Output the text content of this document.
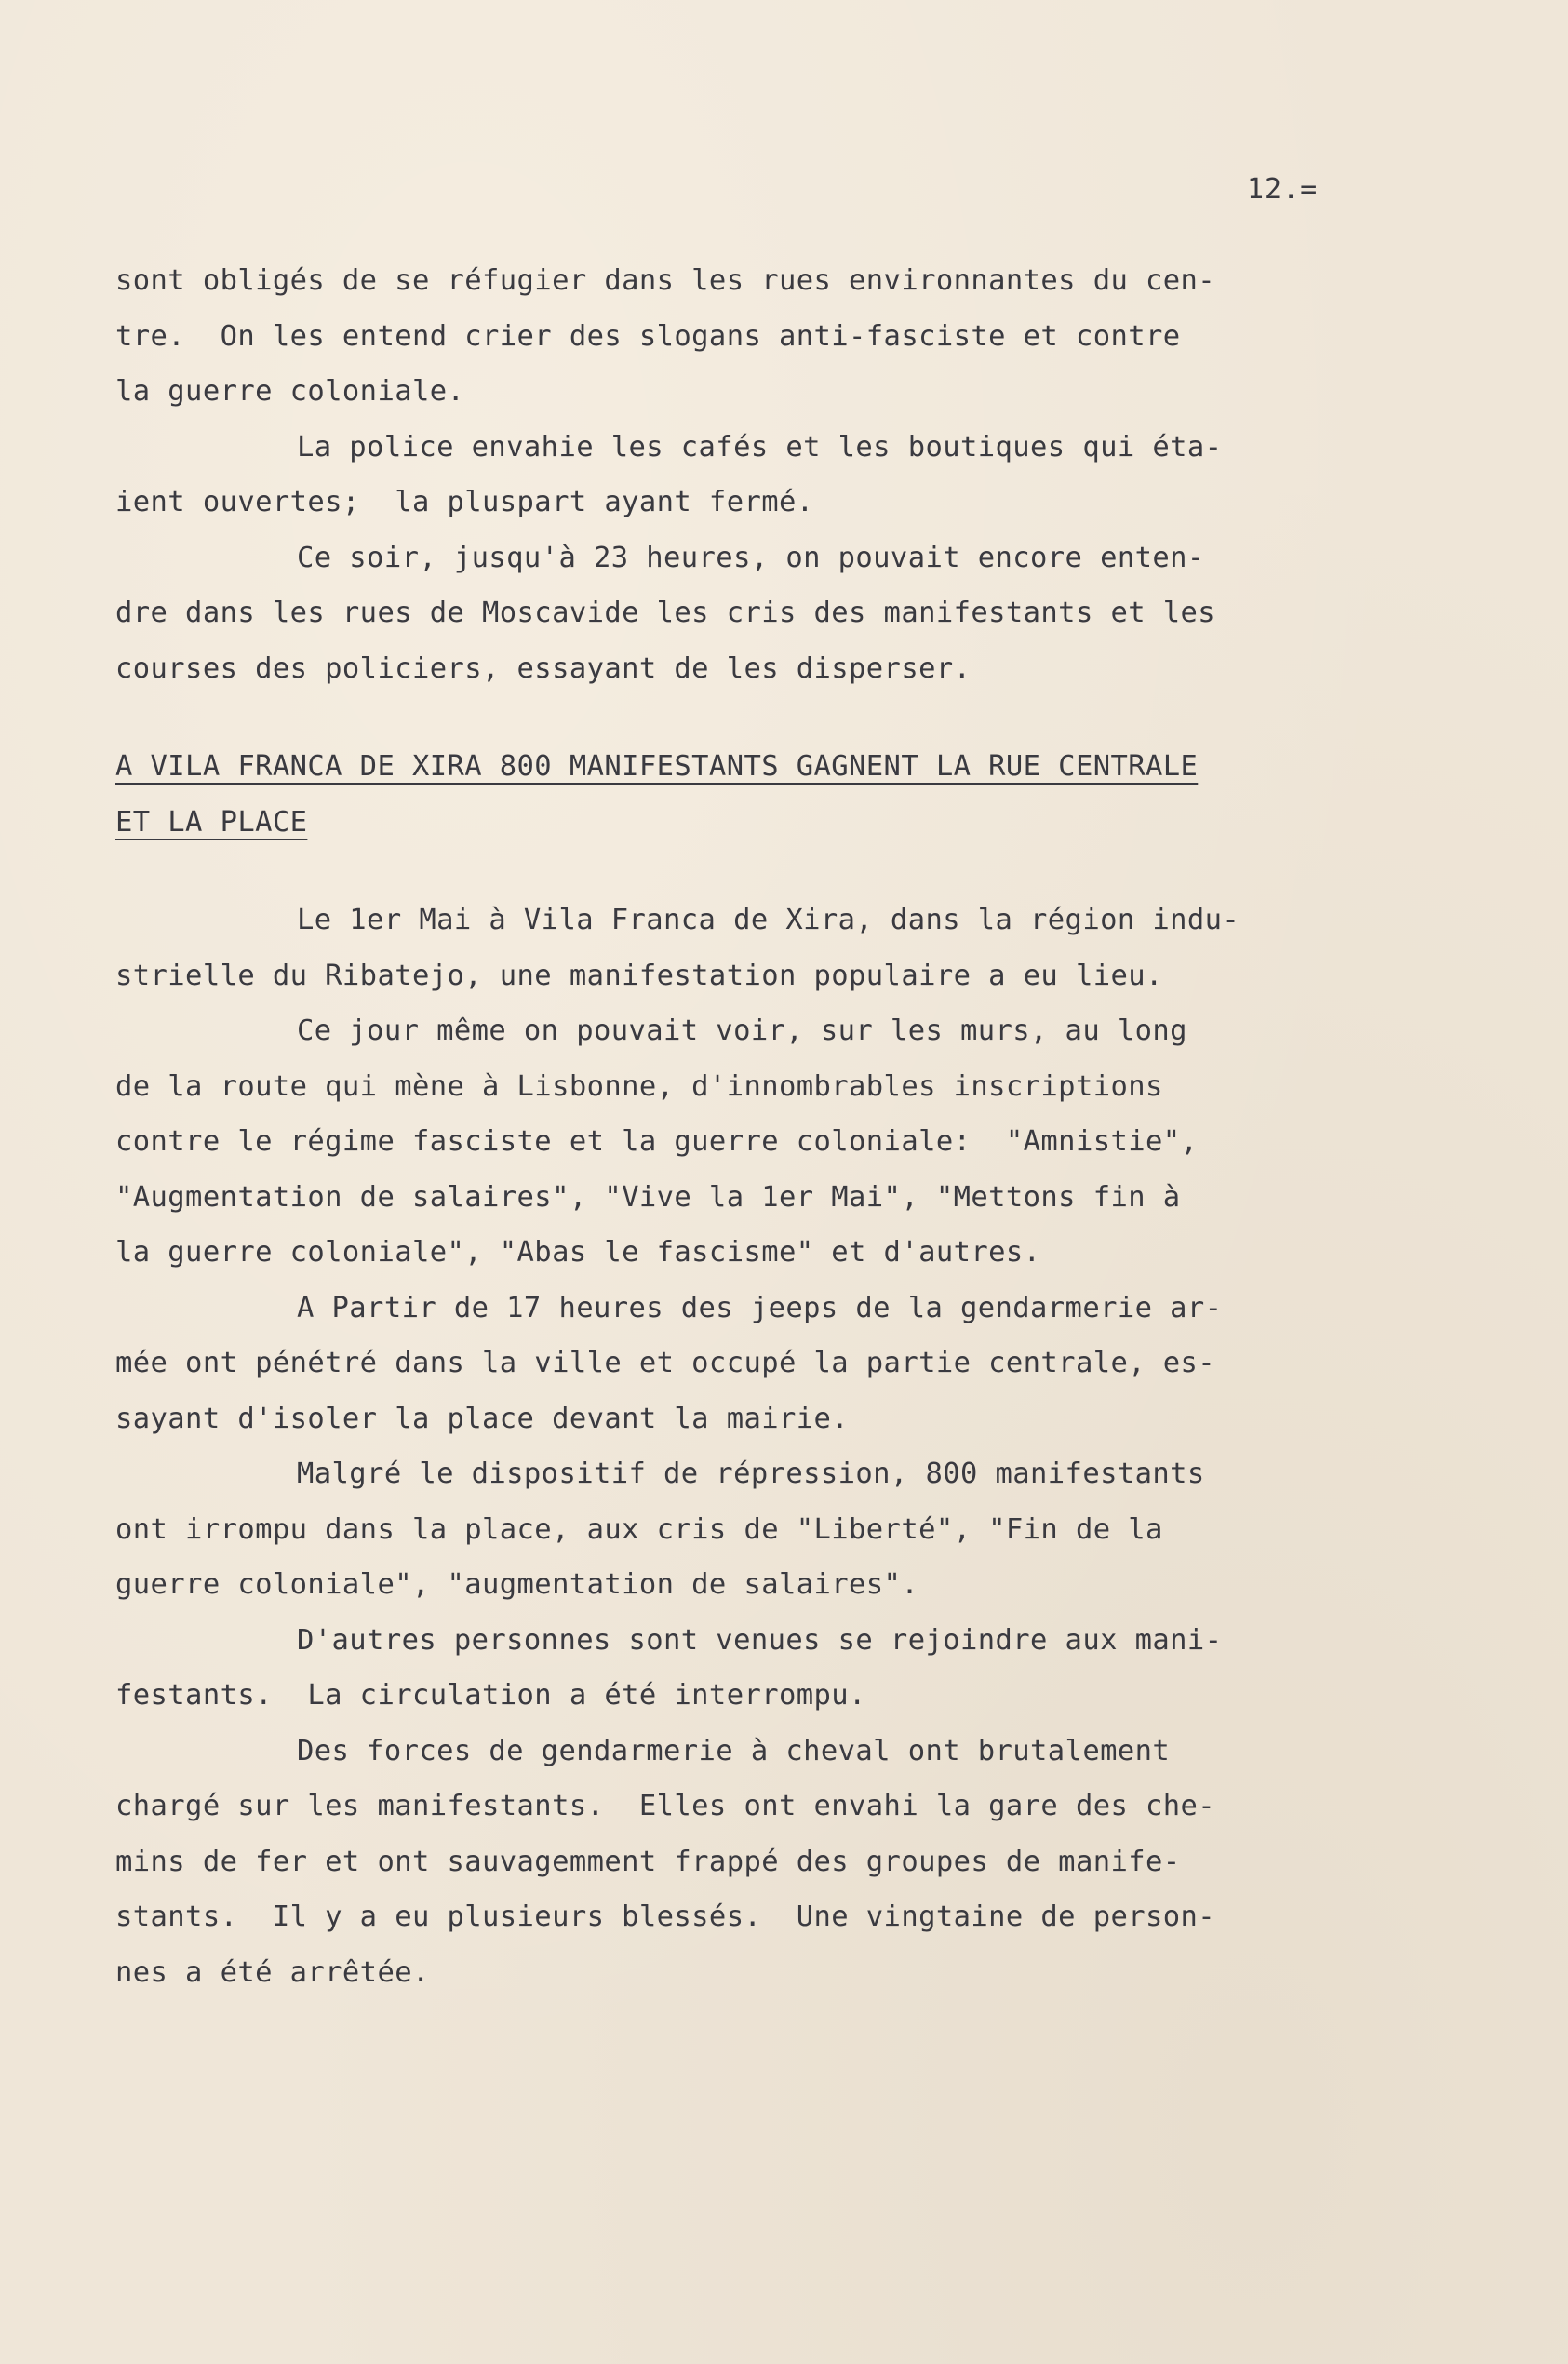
12.=
sont obligés de se réfugier dans les rues environnantes du cen-
tre.  On les entend crier des slogans anti-fasciste et contre
la guerre coloniale.
La police envahie les cafés et les boutiques qui éta-
ient ouvertes;  la pluspart ayant fermé.
Ce soir, jusqu'à 23 heures, on pouvait encore enten-
dre dans les rues de Moscavide les cris des manifestants et les
courses des policiers, essayant de les disperser.
A VILA FRANCA DE XIRA 800 MANIFESTANTS GAGNENT LA RUE CENTRALE
ET LA PLACE
Le 1er Mai à Vila Franca de Xira, dans la région indu-
strielle du Ribatejo, une manifestation populaire a eu lieu.
Ce jour même on pouvait voir, sur les murs, au long
de la route qui mène à Lisbonne, d'innombrables inscriptions
contre le régime fasciste et la guerre coloniale:  "Amnistie",
"Augmentation de salaires", "Vive la 1er Mai", "Mettons fin à
la guerre coloniale", "Abas le fascisme" et d'autres.
A Partir de 17 heures des jeeps de la gendarmerie ar-
mée ont pénétré dans la ville et occupé la partie centrale, es-
sayant d'isoler la place devant la mairie.
Malgré le dispositif de répression, 800 manifestants
ont irrompu dans la place, aux cris de "Liberté", "Fin de la
guerre coloniale", "augmentation de salaires".
D'autres personnes sont venues se rejoindre aux mani-
festants.  La circulation a été interrompu.
Des forces de gendarmerie à cheval ont brutalement
chargé sur les manifestants.  Elles ont envahi la gare des che-
mins de fer et ont sauvagemment frappé des groupes de manife-
stants.  Il y a eu plusieurs blessés.  Une vingtaine de person-
nes a été arrêtée.
